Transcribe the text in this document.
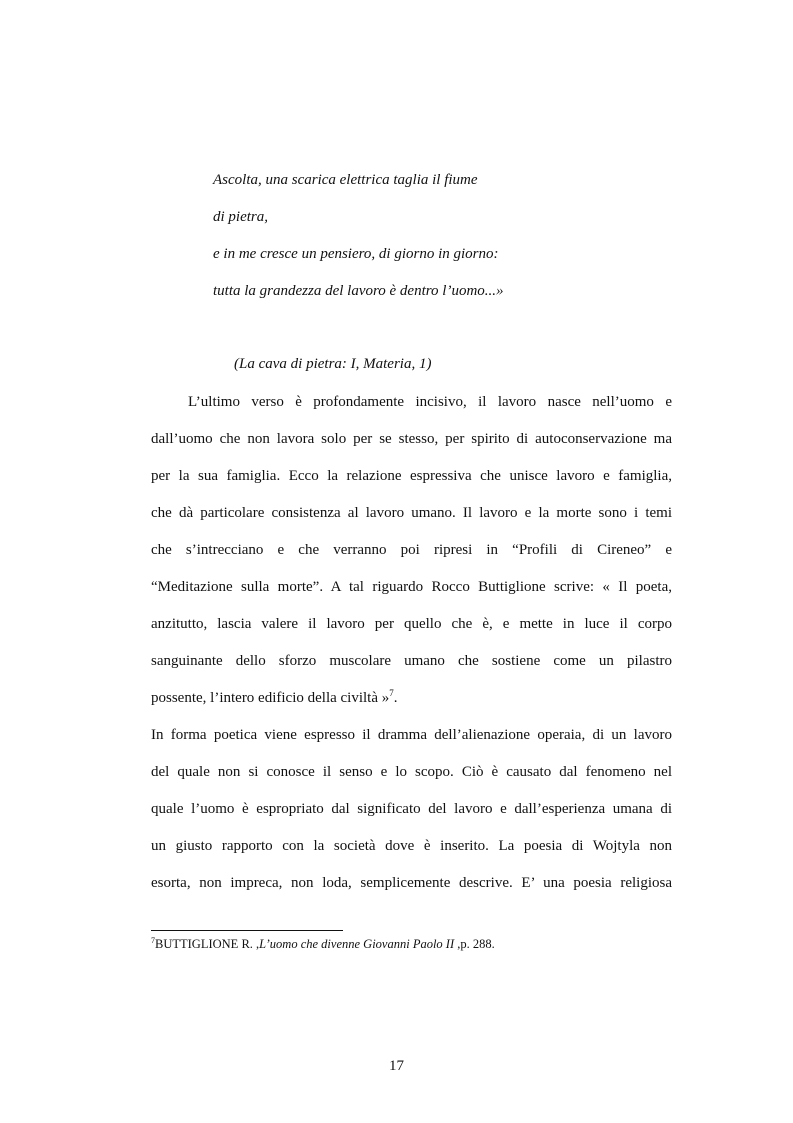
Ascolta, una scarica elettrica taglia il fiume
di pietra,
e in me cresce un pensiero, di giorno in giorno:
tutta la grandezza del lavoro è dentro l’uomo...»
(La cava di pietra: I, Materia, 1)
L’ultimo verso è profondamente incisivo, il lavoro nasce nell’uomo e
dall’uomo che non lavora solo per se stesso, per spirito di autoconservazione ma
per la sua famiglia. Ecco la relazione espressiva che unisce lavoro e famiglia,
che dà particolare consistenza al lavoro umano. Il lavoro e la morte sono i temi
che s’intrecciano e che verranno poi ripresi in “Profili di Cireneo” e
“Meditazione sulla morte”. A tal riguardo Rocco Buttiglione scrive: « Il poeta,
anzitutto, lascia valere il lavoro per quello che è, e mette in luce il corpo
sanguinante dello sforzo muscolare umano che sostiene come un pilastro
possente, l’intero edificio della civiltà »$^7$.
In forma poetica viene espresso il dramma dell’alienazione operaia, di un lavoro
del quale non si conosce il senso e lo scopo. Ciò è causato dal fenomeno nel
quale l’uomo è espropriato dal significato del lavoro e dall’esperienza umana di
un giusto rapporto con la società dove è inserito. La poesia di Wojtyla non
esorta, non impreca, non loda, semplicemente descrive. E’ una poesia religiosa
$^7$BUTTIGLIONE R. ,L’uomo che divenne Giovanni Paolo II ,p. 288.
17
